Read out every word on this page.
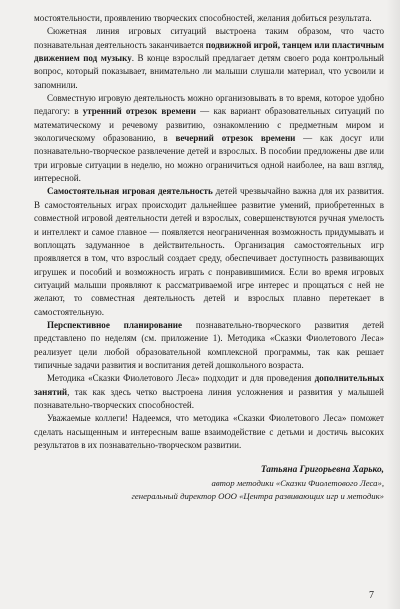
мостоятельности, проявлению творческих способностей, желания добиться результата.

Сюжетная линия игровых ситуаций выстроена таким образом, что часто познавательная деятельность заканчивается подвижной игрой, танцем или пластичным движением под музыку. В конце взрослый предлагает детям своего рода контрольный вопрос, который показывает, внимательно ли малыши слушали материал, что усвоили и запомнили.

Совместную игровую деятельность можно организовывать в то время, которое удобно педагогу: в утренний отрезок времени — как вариант образовательных ситуаций по математическому и речевому развитию, ознакомлению с предметным миром и экологическому образованию, в вечерний отрезок времени — как досуг или познавательно-творческое развлечение детей и взрослых. В пособии предложены две или три игровые ситуации в неделю, но можно ограничиться одной наиболее, на ваш взгляд, интересной.

Самостоятельная игровая деятельность детей чрезвычайно важна для их развития. В самостоятельных играх происходит дальнейшее развитие умений, приобретенных в совместной игровой деятельности детей и взрослых, совершенствуются ручная умелость и интеллект и самое главное — появляется неограниченная возможность придумывать и воплощать задуманное в действительность. Организация самостоятельных игр проявляется в том, что взрослый создает среду, обеспечивает доступность развивающих игрушек и пособий и возможность играть с понравившимися. Если во время игровых ситуаций малыши проявляют к рассматриваемой игре интерес и прощаться с ней не желают, то совместная деятельность детей и взрослых плавно перетекает в самостоятельную.

Перспективное планирование познавательно-творческого развития детей представлено по неделям (см. приложение 1). Методика «Сказки Фиолетового Леса» реализует цели любой образовательной комплексной программы, так как решает типичные задачи развития и воспитания детей дошкольного возраста.

Методика «Сказки Фиолетового Леса» подходит и для проведения дополнительных занятий, так как здесь четко выстроена линия усложнения и развития у малышей познавательно-творческих способностей.

Уважаемые коллеги! Надеемся, что методика «Сказки Фиолетового Леса» поможет сделать насыщенным и интересным ваше взаимодействие с детьми и достичь высоких результатов в их познавательно-творческом развитии.

Татьяна Григорьевна Харько,
автор методики «Сказки Фиолетового Леса»,
генеральный директор ООО «Центра развивающих игр и методик»
7
